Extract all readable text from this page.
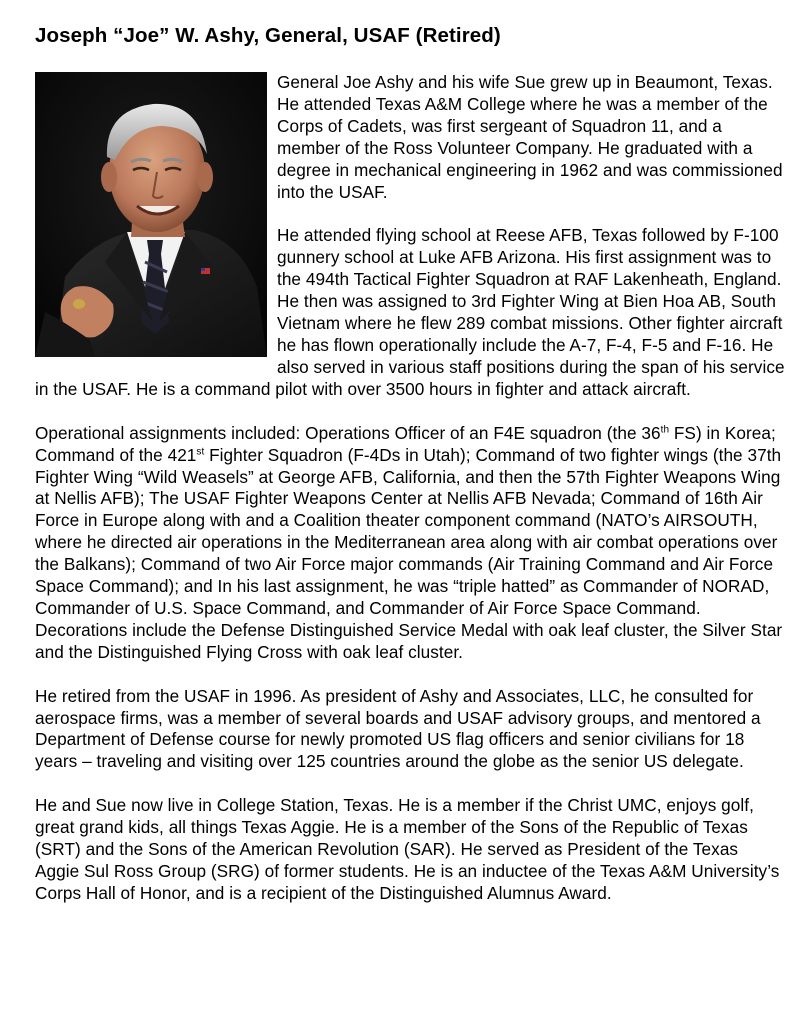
Joseph “Joe” W. Ashy, General, USAF (Retired)

General Joe Ashy and his wife Sue grew up in Beaumont, Texas. He attended Texas A&M College where he was a member of the Corps of Cadets, was first sergeant of Squadron 11, and a member of the Ross Volunteer Company. He graduated with a degree in mechanical engineering in 1962 and was commissioned into the USAF.

He attended flying school at Reese AFB, Texas followed by F-100 gunnery school at Luke AFB Arizona. His first assignment was to the 494th Tactical Fighter Squadron at RAF Lakenheath, England. He then was assigned to 3rd Fighter Wing at Bien Hoa AB, South Vietnam where he flew 289 combat missions. Other fighter aircraft he has flown operationally include the A-7, F-4, F-5 and F-16. He also served in various staff positions during the span of his service in the USAF. He is a command pilot with over 3500 hours in fighter and attack aircraft.

Operational assignments included: Operations Officer of an F4E squadron (the 36th FS) in Korea; Command of the 421st Fighter Squadron (F-4Ds in Utah); Command of two fighter wings (the 37th Fighter Wing “Wild Weasels” at George AFB, California, and then the 57th Fighter Weapons Wing at Nellis AFB); The USAF Fighter Weapons Center at Nellis AFB Nevada; Command of 16th Air Force in Europe along with and a Coalition theater component command (NATO’s AIRSOUTH, where he directed air operations in the Mediterranean area along with air combat operations over the Balkans); Command of two Air Force major commands (Air Training Command and Air Force Space Command); and In his last assignment, he was “triple hatted” as Commander of NORAD, Commander of U.S. Space Command, and Commander of Air Force Space Command. Decorations include the Defense Distinguished Service Medal with oak leaf cluster, the Silver Star and the Distinguished Flying Cross with oak leaf cluster.

He retired from the USAF in 1996. As president of Ashy and Associates, LLC, he consulted for aerospace firms, was a member of several boards and USAF advisory groups, and mentored a Department of Defense course for newly promoted US flag officers and senior civilians for 18 years – traveling and visiting over 125 countries around the globe as the senior US delegate.

He and Sue now live in College Station, Texas. He is a member if the Christ UMC, enjoys golf, great grand kids, all things Texas Aggie. He is a member of the Sons of the Republic of Texas (SRT) and the Sons of the American Revolution (SAR). He served as President of the Texas Aggie Sul Ross Group (SRG) of former students. He is an inductee of the Texas A&M University’s Corps Hall of Honor, and is a recipient of the Distinguished Alumnus Award.
